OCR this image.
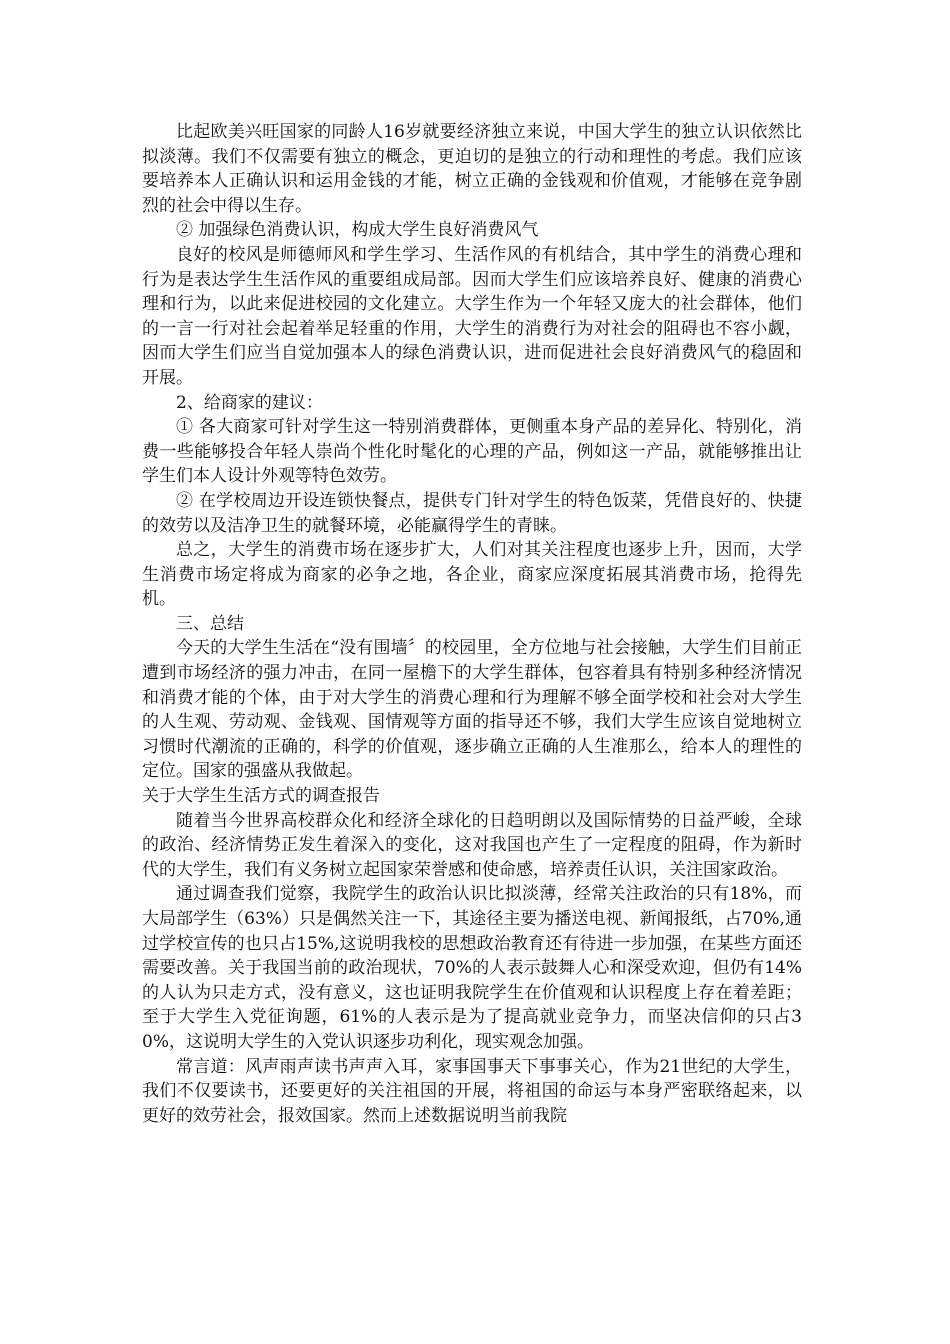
比起欧美兴旺国家的同龄人16岁就要经济独立来说，中国大学生的独立认识依然比拟淡薄。我们不仅需要有独立的概念，更迫切的是独立的行动和理性的考虑。我们应该要培养本人正确认识和运用金钱的才能，树立正确的金钱观和价值观，才能够在竞争剧烈的社会中得以生存。

② 加强绿色消费认识，构成大学生良好消费风气

良好的校风是师德师风和学生学习、生活作风的有机结合，其中学生的消费心理和行为是表达学生生活作风的重要组成局部。因而大学生们应该培养良好、健康的消费心理和行为，以此来促进校园的文化建立。大学生作为一个年轻又庞大的社会群体，他们的一言一行对社会起着举足轻重的作用，大学生的消费行为对社会的阻碍也不容小觑，因而大学生们应当自觉加强本人的绿色消费认识，进而促进社会良好消费风气的稳固和开展。

2、给商家的建议：

① 各大商家可针对学生这一特别消费群体，更侧重本身产品的差异化、特别化，消费一些能够投合年轻人崇尚个性化时髦化的心理的产品，例如这一产品，就能够推出让学生们本人设计外观等特色效劳。

② 在学校周边开设连锁快餐点，提供专门针对学生的特色饭菜，凭借良好的、快捷的效劳以及洁净卫生的就餐环境，必能赢得学生的青睐。

总之，大学生的消费市场在逐步扩大，人们对其关注程度也逐步上升，因而，大学生消费市场定将成为商家的必争之地，各企业，商家应深度拓展其消费市场，抢得先机。

三、总结

今天的大学生生活在“没有围墙〞的校园里，全方位地与社会接触，大学生们目前正遭到市场经济的强力冲击，在同一屋檐下的大学生群体，包容着具有特别多种经济情况和消费才能的个体，由于对大学生的消费心理和行为理解不够全面学校和社会对大学生的人生观、劳动观、金钱观、国情观等方面的指导还不够，我们大学生应该自觉地树立习惯时代潮流的正确的，科学的价值观，逐步确立正确的人生准那么，给本人的理性的定位。国家的强盛从我做起。

关于大学生生活方式的调查报告

随着当今世界高校群众化和经济全球化的日趋明朗以及国际情势的日益严峻，全球的政治、经济情势正发生着深入的变化，这对我国也产生了一定程度的阻碍，作为新时代的大学生，我们有义务树立起国家荣誉感和使命感，培养责任认识，关注国家政治。

通过调查我们觉察，我院学生的政治认识比拟淡薄，经常关注政治的只有18%，而大局部学生（63%）只是偶然关注一下，其途径主要为播送电视、新闻报纸，占70%,通过学校宣传的也只占15%,这说明我校的思想政治教育还有待进一步加强，在某些方面还需要改善。关于我国当前的政治现状，70%的人表示鼓舞人心和深受欢迎，但仍有14%的人认为只走方式，没有意义，这也证明我院学生在价值观和认识程度上存在着差距；至于大学生入党征询题，61%的人表示是为了提高就业竞争力，而坚决信仰的只占30%，这说明大学生的入党认识逐步功利化，现实观念加强。

常言道：风声雨声读书声声入耳，家事国事天下事事关心，作为21世纪的大学生，我们不仅要读书，还要更好的关注祖国的开展，将祖国的命运与本身严密联络起来，以更好的效劳社会，报效国家。然而上述数据说明当前我院
